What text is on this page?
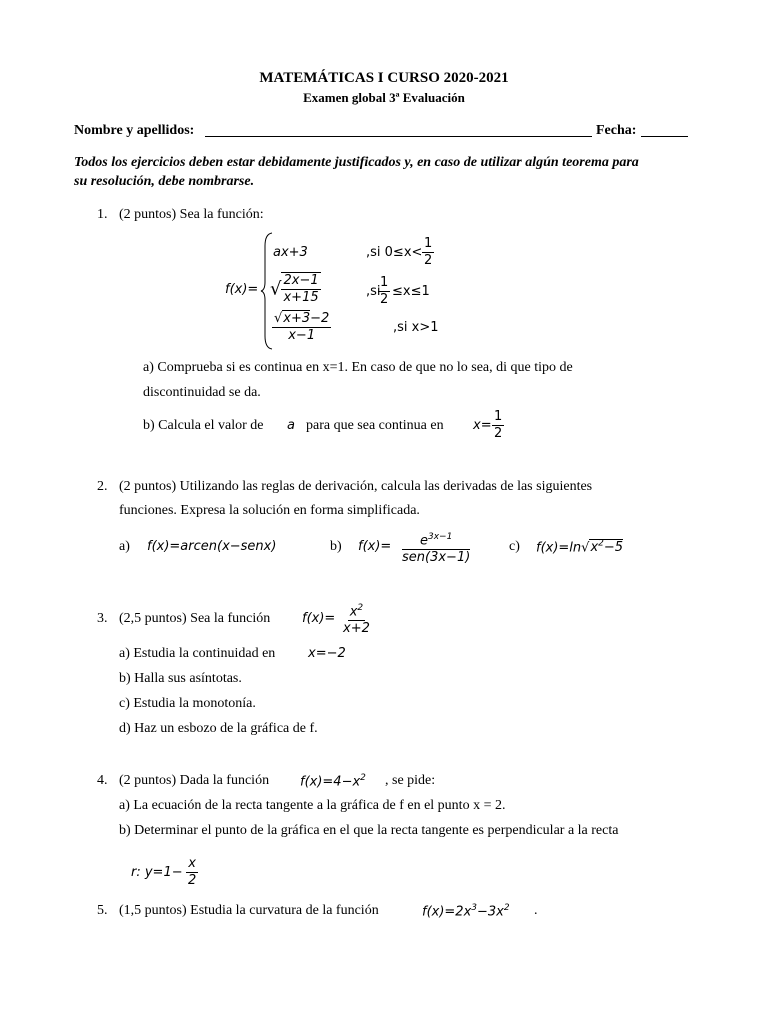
MATEMÁTICAS I CURSO 2020-2021
Examen global 3ª Evaluación
Nombre y apellidos:	Fecha:
Todos los ejercicios deben estar debidamente justificados y, en caso de utilizar algún teorema para
su resolución, debe nombrarse.
1. (2 puntos) Sea la función:
f(x)=
ax+3	,si $0\le x< \frac{1}{2}$
√ $\frac{2x-1}{x+15}$	,si
$\frac{1}{2} \le x\le 1$
$\frac{√x+3-2}{x-1}$	,si x>1
a) Comprueba si es continua en x=1. En caso de que no lo sea, di que tipo de
discontinuidad se da.
b) Calcula el valor de a para que sea continua en $x= \frac{1}{2}$
2. (2 puntos) Utilizando las reglas de derivación, calcula las derivadas de las siguientes
funciones. Expresa la solución en forma simplificada.
a) f(x)=arcen(x−senx)	b) $f(x)= \frac{e^{3x-1}}{\text{sen(3x−1)}}$	c) $f(x)=\ln√x^2-5$
3. (2,5 puntos) Sea la función $f(x)= \frac{x^2}{x+2}$
a) Estudia la continuidad en	x=−2
b) Halla sus asíntotas.
c) Estudia la monotonía.
d) Haz un esbozo de la gráfica de f.
4. (2 puntos) Dada la función $f(x)=4-x^2$ , se pide:
a) La ecuación de la recta tangente a la gráfica de f en el punto x = 2.
b) Determinar el punto de la gráfica en el que la recta tangente es perpendicular a la recta
r: $y=1- \frac{x}{2}$
5. (1,5 puntos) Estudia la curvatura de la función	$f(x)=2x^3-3x^2$ .
